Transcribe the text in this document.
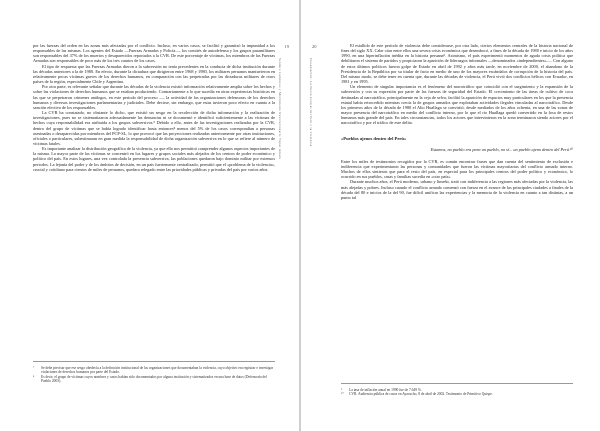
19
Sendero Luminoso y Movimiento Revolucionario Túpac Amaru

por las fuerzas del orden en las zonas más afectadas por el conflicto. Incluso, en varios casos, se facilitó y garantizó la impunidad a los responsables de las mismas. Los agentes del Estado —Fuerzas Armadas y Policía—, los comités de autodefensa y los grupos paramilitares son responsables del 37% de los muertos y desaparecidos reportados a la CVR. De este porcentaje de víctimas, los miembros de las Fuerzas Armadas son responsables de poco más de los tres cuartos de los casos.

El tipo de respuesta que las Fuerzas Armadas dieron a la subversión no tenía precedentes en la conducta de dicha institución durante las décadas anteriores a la de 1980. En efecto, durante la dictadura que dirigieron entre 1968 y 1980, los militares peruanos mantuvieron en relativamente pocas víctimas graves de los derechos humanos, en comparación con las perpetradas por las dictaduras militares de otros países de la región, especialmente Chile y Argentina.

Por otra parte, es relevante señalar que durante las décadas de la violencia existió información relativamente amplia sobre los hechos y sobre las violaciones de derechos humanos que se estaban produciendo. Contrariamente a lo que sucedía en otras experiencias históricas en las que se perpetraron crímenes análogos, en este periodo del proceso —, la actividad de las organizaciones defensoras de los derechos humanos y diversas investigaciones parlamentarias y judiciales. Debe decirse, sin embargo, que estas tuvieron poco efecto en cuanto a la sanción efectiva de los responsables.

La CVR ha constatado, no obstante lo dicho, que existió un sesgo en la recolección de dicha información y la realización de investigaciones, pues no se sistematizaron adecuadamente las denuncias ni se documentó e identificó suficientemente a las víctimas de hechos cuya responsabilidad era atribuida a los grupos subversivos.⁹ Debido a ello, antes de las investigaciones realizadas por la CVR, dentro del grupo de víctimas que se había logrado identificar hasta entonces⁸ menos del 5% de los casos correspondían a personas asesinadas o desaparecidas por miembros del PCP-SL, lo que provocó que las proyecciones realizadas anteriormente por otras instituciones, oficiales o particulares, subestimaran en gran medida la responsabilidad de dicha organización subversiva en lo que se refiere al número de víctimas fatales.

Es importante analizar la distribución geográfica de la violencia, ya que ello nos permitirá comprender algunos aspectos importantes de la misma. La mayor parte de las víctimas se concentró en los lugares y grupos sociales más alejados de los centros de poder económico y político del país. En estos lugares, una vez controlada la presencia subversiva, las poblaciones quedaron bajo dominio militar por extensos periodos. La lejanía del poder y de los ámbitos de decisión, en un país fuertemente centralizado, permitió que el «problema de la violencia», crucial y cotidiano para cientos de miles de peruanos, quedara relegado entre las prioridades públicas y privadas del país por varios años.

⁷	Se debe precisar que ese sesgo obedecía a la definición institucional de las organizaciones que documentaban la violencia, cuyo objetivo era registrar e investigar violaciones de derechos humanos por parte del Estado.
⁸	Es decir, el grupo de víctimas cuyos nombres y casos habían sido documentados por alguna institución y sistematizados en una base de datos (Defensoría del Pueblo 2003).
20
Presentación: La Sierra Central del Perú y la violencia

El estallido de este período de violencia debe considerarse, por otra lado, ciertos elementos centrales de la historia nacional de fines del siglo XX. Cabe citar entre ellos una severa crisis económica que desembocó, a fines de la década de 1980 e inicio de los años 1990, en una hiperinflación inédita en la historia peruana⁹. Asimismo, el país experimentó momentos de aguda crisis política que debilitaron el sistema de partidos y propiciaron la aparición de liderazgos informales —denominados «independientes»—. Con alguno de estos últimos políticos fueron golpe de Estado en abril de 1992 y años más tarde, en noviembre de 2000, el abandono de la Presidencia de la República por su titular de facto en medio de uno de los mayores escándalos de corrupción de la historia del país. Del mismo modo, se debe tener en cuenta que, durante las décadas de violencia, el Perú vivió dos conflictos bélicos con Ecuador, en 1981 y en 1995.

Un elemento de singular importancia es el fenómeno del narcotráfico que coincidió con el surgimiento y la expansión de la subversión y con su expresión por parte de las fuerzas de seguridad del Estado. El crecimiento de las áreas de cultivo de coca destinadas al narcotráfico, principalmente en la ceja de selva, facilitó la aparición de espacios muy particulares en los que la presencia estatal había retrocedido mientras crecía la de grupos armados que explotaban actividades ilegales vinculadas al narcotráfico. Desde los primeros años de la década de 1980 el Alto Huallaga se convirtió, desde mediados de los años ochenta, en una de las zonas de mayor presencia del narcotráfico en medio del conflicto interno, por lo que el río Huallaga quedó convertido en la fosa de restos humanos más grande del país. En tales circunstancias, todos los actores que intervinieron en la zona terminaron siendo actores por el narcotráfico y por el tráfico de este delito.

«Pueblos ajenos dentro del Perú»
Estamos, no pueblo era para un pueblo, no sí... un pueblo ajeno dentro del Perú.¹⁰

Entre los miles de testimonios recogidos por la CVR, es común encontrar frases que dan cuenta del sentimiento de exclusión e indiferencia que experimentaron las personas y comunidades que fueron las víctimas mayoritarias del conflicto armado interno. Muchos de ellos sintieron que para el resto del país, en especial para los principales centros del poder político y económico, lo ocurrido en sus pueblos, casas y familias sucedía en «otro país».

Durante muchos años, el Perú moderno, urbano y limeño, trató con indiferencia a las regiones más afectadas por la violencia, las más alejadas y pobres. Incluso cuando el conflicto armado comenzó con fuerza en el avance de las principales ciudades a finales de la década del 80 e inicios de la del 90, fue difícil unificar las experiencias y la memoria de la violencia en cuanto a tan distintas, a un punto tal

⁹	La tasa de inflación anual en 1990 fue de 7.649 %.
¹⁰	CVR. Audiencia pública de casos en Ayacucho, 8 de abril de 2002. Testimonio de Primitivo Quispe.
